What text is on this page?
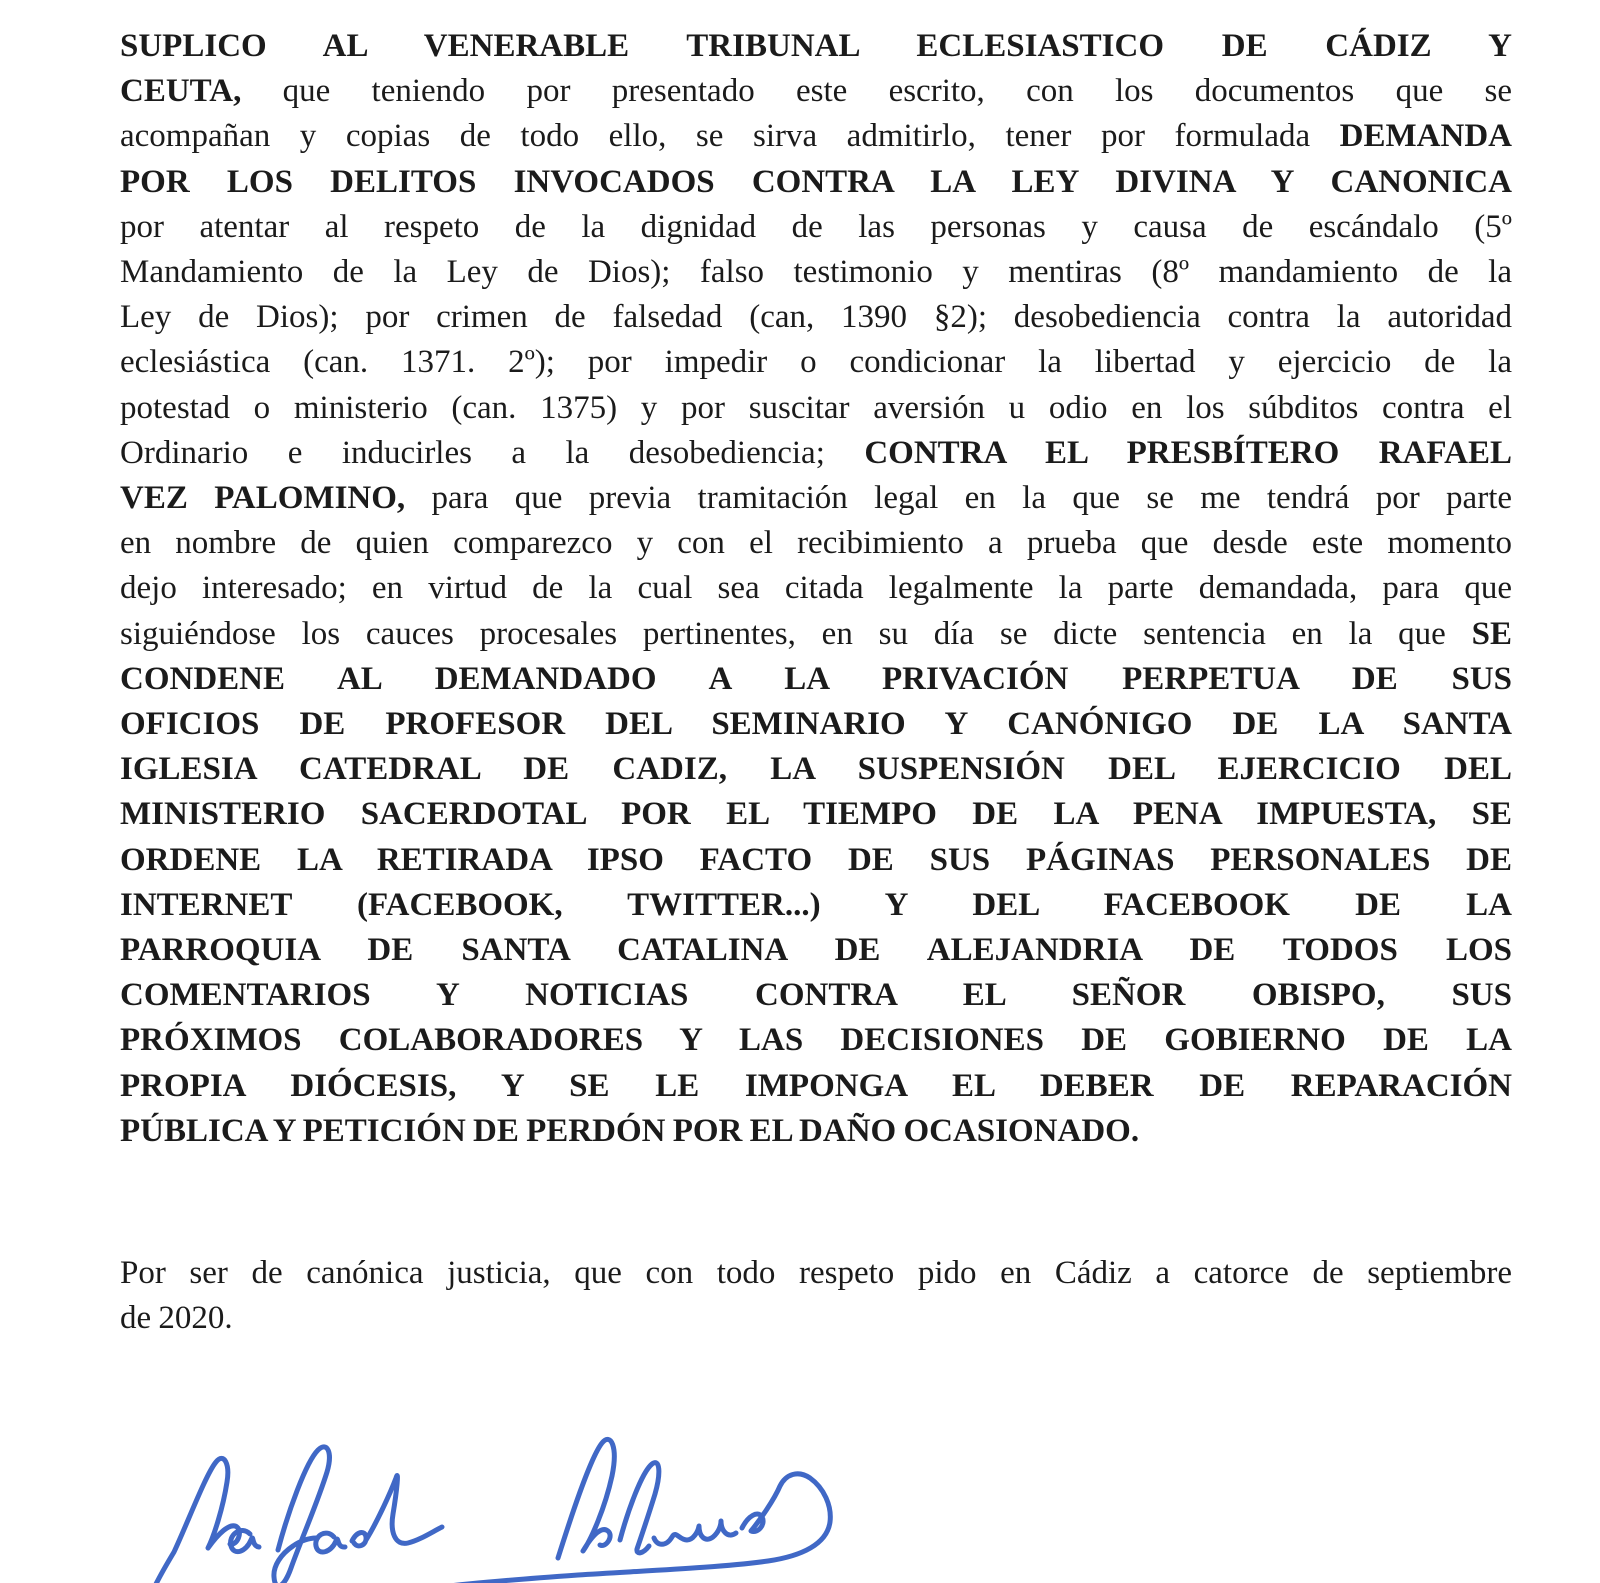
SUPLICO AL VENERABLE TRIBUNAL ECLESIASTICO DE CÁDIZ Y
CEUTA, que teniendo por presentado este escrito, con los documentos que se
acompañan y copias de todo ello, se sirva admitirlo, tener por formulada DEMANDA
POR LOS DELITOS INVOCADOS CONTRA LA LEY DIVINA Y CANONICA
por atentar al respeto de la dignidad de las personas y causa de escándalo (5º
Mandamiento de la Ley de Dios); falso testimonio y mentiras (8º mandamiento de la
Ley de Dios); por crimen de falsedad (can, 1390 §2); desobediencia contra la autoridad
eclesiástica (can. 1371. 2º); por impedir o condicionar la libertad y ejercicio de la
potestad o ministerio (can. 1375) y por suscitar aversión u odio en los súbditos contra el
Ordinario e inducirles a la desobediencia; CONTRA EL PRESBÍTERO RAFAEL
VEZ PALOMINO, para que previa tramitación legal en la que se me tendrá por parte
en nombre de quien comparezco y con el recibimiento a prueba que desde este momento
dejo interesado; en virtud de la cual sea citada legalmente la parte demandada, para que
siguiéndose los cauces procesales pertinentes, en su día se dicte sentencia en la que SE
CONDENE AL DEMANDADO A LA PRIVACIÓN PERPETUA DE SUS
OFICIOS DE PROFESOR DEL SEMINARIO Y CANÓNIGO DE LA SANTA
IGLESIA CATEDRAL DE CADIZ, LA SUSPENSIÓN DEL EJERCICIO DEL
MINISTERIO SACERDOTAL POR EL TIEMPO DE LA PENA IMPUESTA, SE
ORDENE LA RETIRADA IPSO FACTO DE SUS PÁGINAS PERSONALES DE
INTERNET (FACEBOOK, TWITTER...) Y DEL FACEBOOK DE LA
PARROQUIA DE SANTA CATALINA DE ALEJANDRIA DE TODOS LOS
COMENTARIOS Y NOTICIAS CONTRA EL SEÑOR OBISPO, SUS
PRÓXIMOS COLABORADORES Y LAS DECISIONES DE GOBIERNO DE LA
PROPIA DIÓCESIS, Y SE LE IMPONGA EL DEBER DE REPARACIÓN
PÚBLICA Y PETICIÓN DE PERDÓN POR EL DAÑO OCASIONADO.
Por ser de canónica justicia, que con todo respeto pido en Cádiz a catorce de septiembre
de 2020.
